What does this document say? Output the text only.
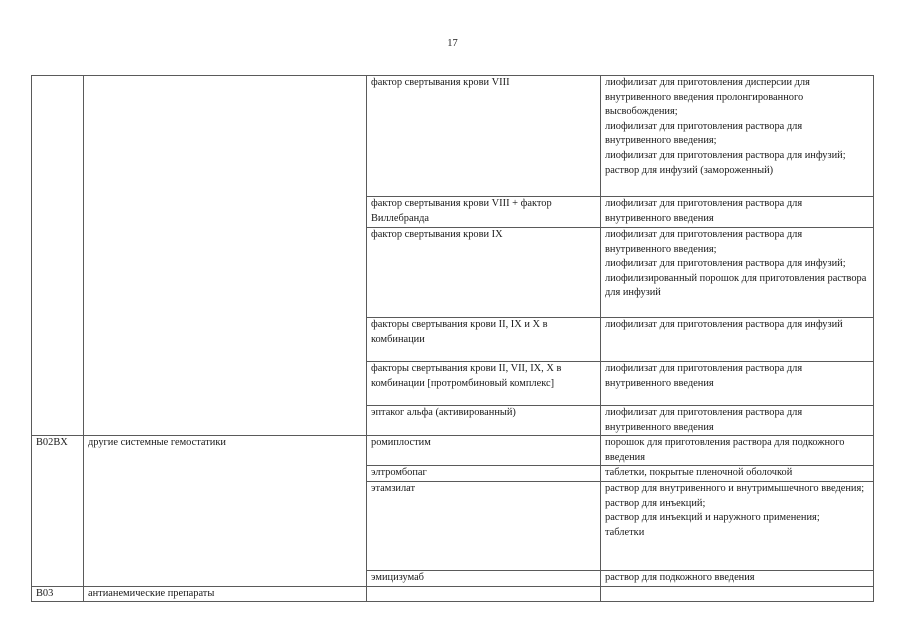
17
		фактор свертывания крови VIII	лиофилизат для приготовления дисперсии для внутривенного введения пролонгированного высвобождения;
лиофилизат для приготовления раствора для внутривенного введения;
лиофилизат для приготовления раствора для инфузий;
раствор для инфузий (замороженный)
		фактор свертывания крови VIII + фактор Виллебранда	лиофилизат для приготовления раствора для внутривенного введения
		фактор свертывания крови IX	лиофилизат для приготовления раствора для внутривенного введения;
лиофилизат для приготовления раствора для инфузий;
лиофилизированный порошок для приготовления раствора для инфузий
		факторы свертывания крови II, IX и X в комбинации	лиофилизат для приготовления раствора для инфузий
		факторы свертывания крови II, VII, IX, X в комбинации [протромбиновый комплекс]	лиофилизат для приготовления раствора для внутривенного введения
		эптаког альфа (активированный)	лиофилизат для приготовления раствора для внутривенного введения
B02BX	другие системные гемостатики	ромиплостим	порошок для приготовления раствора для подкожного введения
		элтромбопаг	таблетки, покрытые пленочной оболочкой
		этамзилат	раствор для внутривенного и внутримышечного введения;
раствор для инъекций;
раствор для инъекций и наружного применения;
таблетки
		эмицизумаб	раствор для подкожного введения
B03	антианемические препараты		
